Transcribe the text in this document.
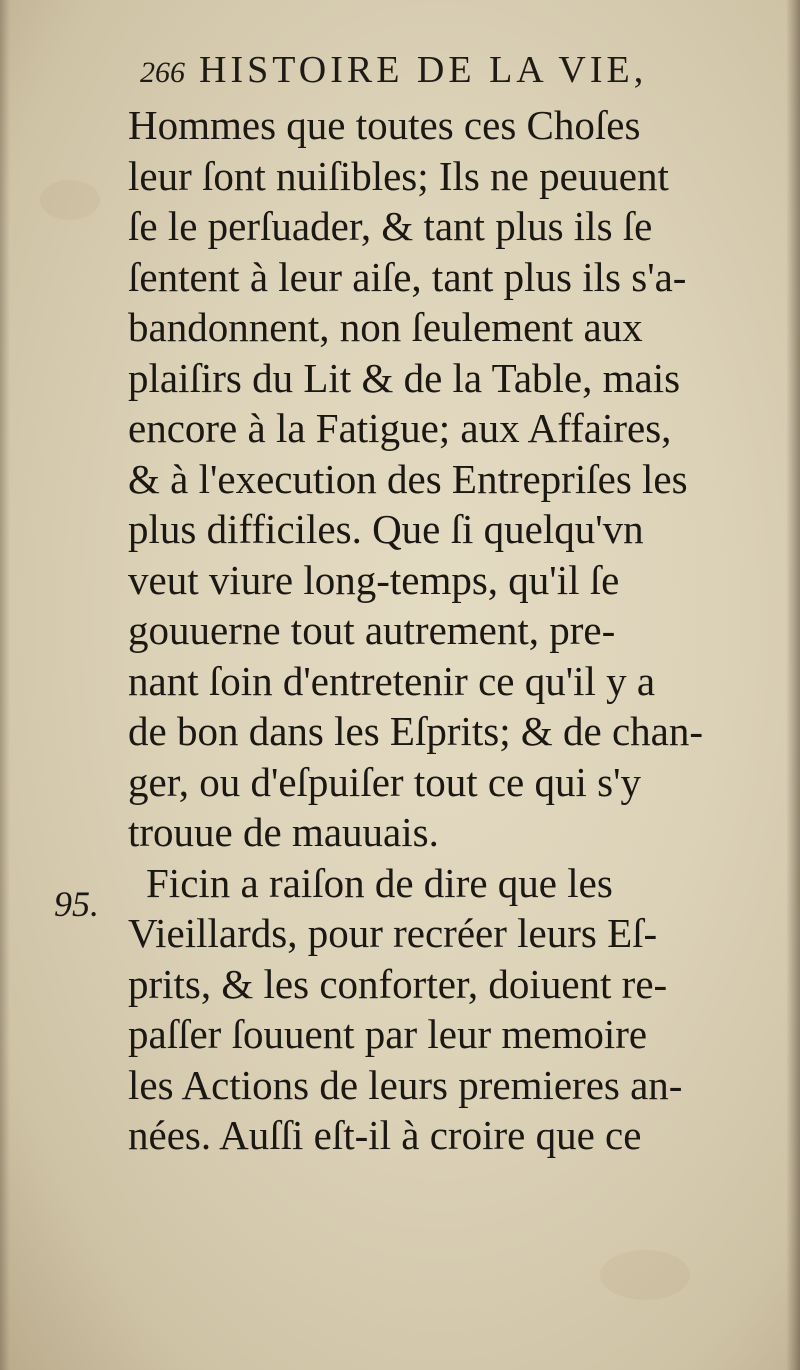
266 HISTOIRE DE LA VIE,
95.
Hommes que toutes ces Choſes
leur ſont nuiſibles; Ils ne peuuent
ſe le perſuader, & tant plus ils ſe
ſentent à leur aiſe, tant plus ils s'a-
bandonnent, non ſeulement aux
plaiſirs du Lit & de la Table, mais
encore à la Fatigue; aux Affaires,
& à l'execution des Entrepriſes les
plus difficiles. Que ſi quelqu'vn
veut viure long-temps, qu'il ſe
gouuerne tout autrement, pre-
nant ſoin d'entretenir ce qu'il y a
de bon dans les Eſprits; & de chan-
ger, ou d'eſpuiſer tout ce qui s'y
trouue de mauuais.
Ficin a raiſon de dire que les
Vieillards, pour recréer leurs Eſ-
prits, & les conforter, doiuent re-
paſſer ſouuent par leur memoire
les Actions de leurs premieres an-
nées. Auſſi eſt-il à croire que ce
